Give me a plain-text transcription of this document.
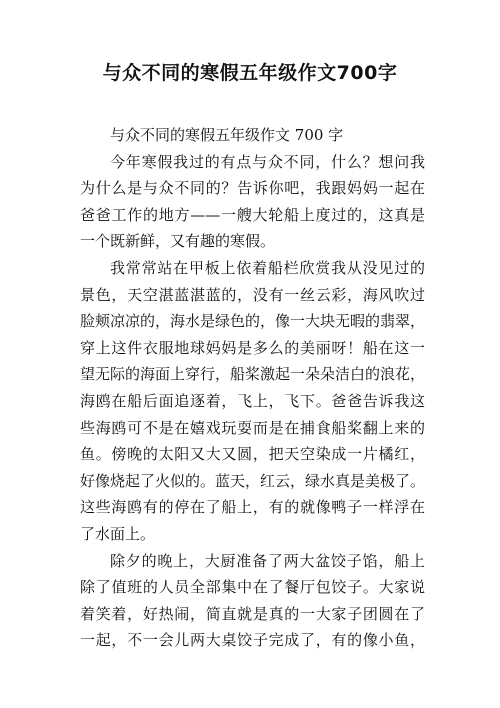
与众不同的寒假五年级作文700字
与众不同的寒假五年级作文 700 字
今年寒假我过的有点与众不同，什么？想问我
为什么是与众不同的？告诉你吧，我跟妈妈一起在
爸爸工作的地方——一艘大轮船上度过的，这真是
一个既新鲜，又有趣的寒假。
我常常站在甲板上依着船栏欣赏我从没见过的
景色，天空湛蓝湛蓝的，没有一丝云彩，海风吹过
脸颊凉凉的，海水是绿色的，像一大块无暇的翡翠，
穿上这件衣服地球妈妈是多么的美丽呀！船在这一
望无际的海面上穿行，船桨激起一朵朵洁白的浪花，
海鸥在船后面追逐着，飞上，飞下。爸爸告诉我这
些海鸥可不是在嬉戏玩耍而是在捕食船桨翻上来的
鱼。傍晚的太阳又大又圆，把天空染成一片橘红，
好像烧起了火似的。蓝天，红云，绿水真是美极了。
这些海鸥有的停在了船上，有的就像鸭子一样浮在
了水面上。
除夕的晚上，大厨准备了两大盆饺子馅，船上
除了值班的人员全部集中在了餐厅包饺子。大家说
着笑着，好热闹，简直就是真的一大家子团圆在了
一起，不一会儿两大桌饺子完成了，有的像小鱼，
